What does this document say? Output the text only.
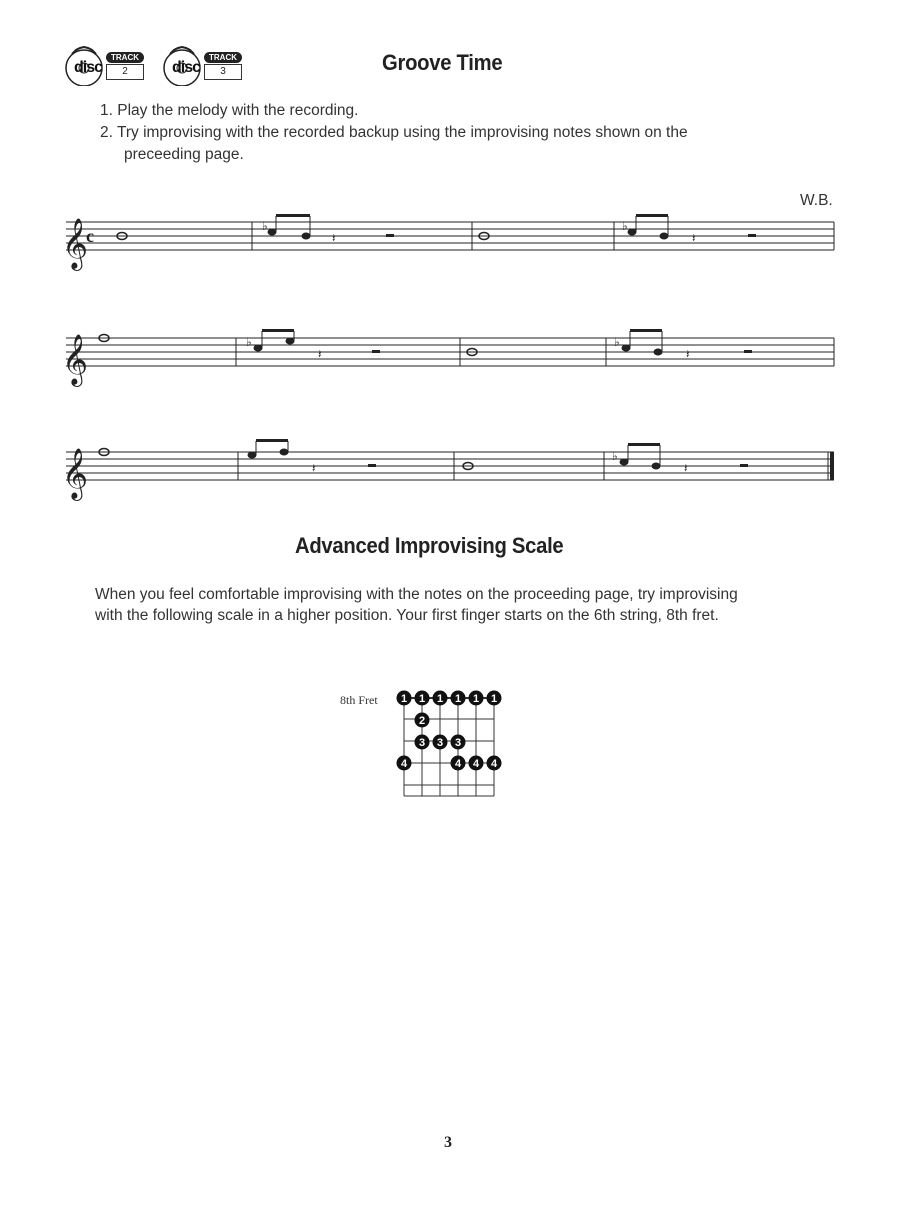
disc
TRACK
2	disc
TRACK
3	Groove Time
1. Play the melody with the recording.
2. Try improvising with the recorded backup using the improvising notes shown on the
preceeding page.
W.B.
𝄞
𝄞
𝄞
c	♭
𝄽
♭
𝄽
♭
𝄽
♭
𝄽
𝄽
♭
𝄽
Advanced Improvising Scale
When you feel comfortable improvising with the notes on the proceeding page, try improvising
with the following scale in a higher position. Your first finger starts on the 6th string, 8th fret.
8th Fret 1 1 1 1 1 1
2
3 3 3
4	4 4 4
3
